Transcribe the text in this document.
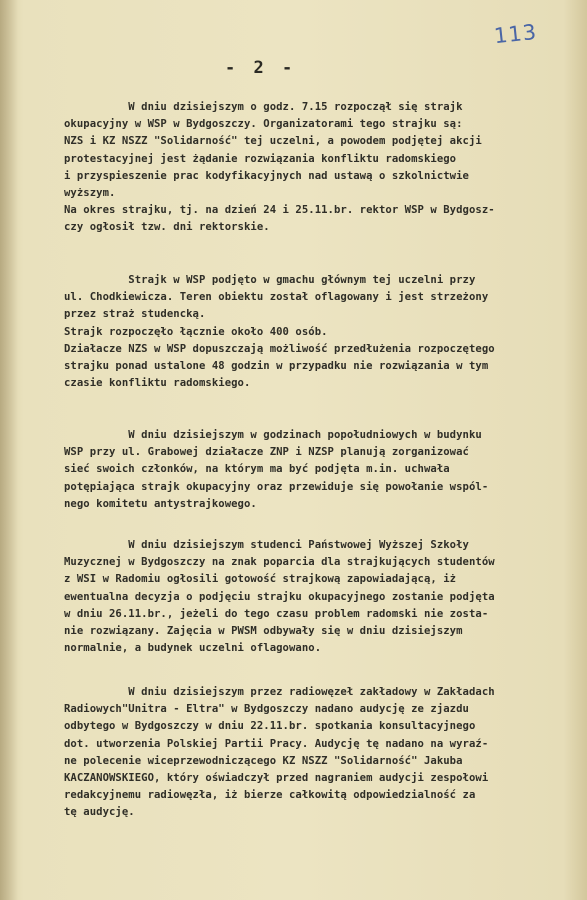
113
- 2 -

W dniu dzisiejszym o godz. 7.15 rozpoczął się strajk
okupacyjny w WSP w Bydgoszczy. Organizatorami tego strajku są:
NZS i KZ NSZZ "Solidarność" tej uczelni, a powodem podjętej akcji
protestacyjnej jest żądanie rozwiązania konfliktu radomskiego
i przyspieszenie prac kodyfikacyjnych nad ustawą o szkolnictwie
wyższym.
Na okres strajku, tj. na dzień 24 i 25.11.br. rektor WSP w Bydgosz-
czy ogłosił tzw. dni rektorskie.

Strajk w WSP podjęto w gmachu głównym tej uczelni przy
ul. Chodkiewicza. Teren obiektu został oflagowany i jest strzeżony
przez straż studencką.
Strajk rozpoczęło łącznie około 400 osób.
Działacze NZS w WSP dopuszczają możliwość przedłużenia rozpoczętego
strajku ponad ustalone 48 godzin w przypadku nie rozwiązania w tym
czasie konfliktu radomskiego.

W dniu dzisiejszym w godzinach popołudniowych w budynku
WSP przy ul. Grabowej działacze ZNP i NZSP planują zorganizować
sieć swoich członków, na którym ma być podjęta m.in. uchwała
potępiająca strajk okupacyjny oraz przewiduje się powołanie wspól-
nego komitetu antystrajkowego.

W dniu dzisiejszym studenci Państwowej Wyższej Szkoły
Muzycznej w Bydgoszczy na znak poparcia dla strajkujących studentów
z WSI w Radomiu ogłosili gotowość strajkową zapowiadającą, iż
ewentualna decyzja o podjęciu strajku okupacyjnego zostanie podjęta
w dniu 26.11.br., jeżeli do tego czasu problem radomski nie zosta-
nie rozwiązany. Zajęcia w PWSM odbywały się w dniu dzisiejszym
normalnie, a budynek uczelni oflagowano.

W dniu dzisiejszym przez radiowęzeł zakładowy w Zakładach
Radiowych"Unitra - Eltra" w Bydgoszczy nadano audycję ze zjazdu
odbytego w Bydgoszczy w dniu 22.11.br. spotkania konsultacyjnego
dot. utworzenia Polskiej Partii Pracy. Audycję tę nadano na wyraź-
ne polecenie wiceprzewodniczącego KZ NSZZ "Solidarność" Jakuba
KACZANOWSKIEGO, który oświadczył przed nagraniem audycji zespołowi
redakcyjnemu radiowęzła, iż bierze całkowitą odpowiedzialność za
tę audycję.
